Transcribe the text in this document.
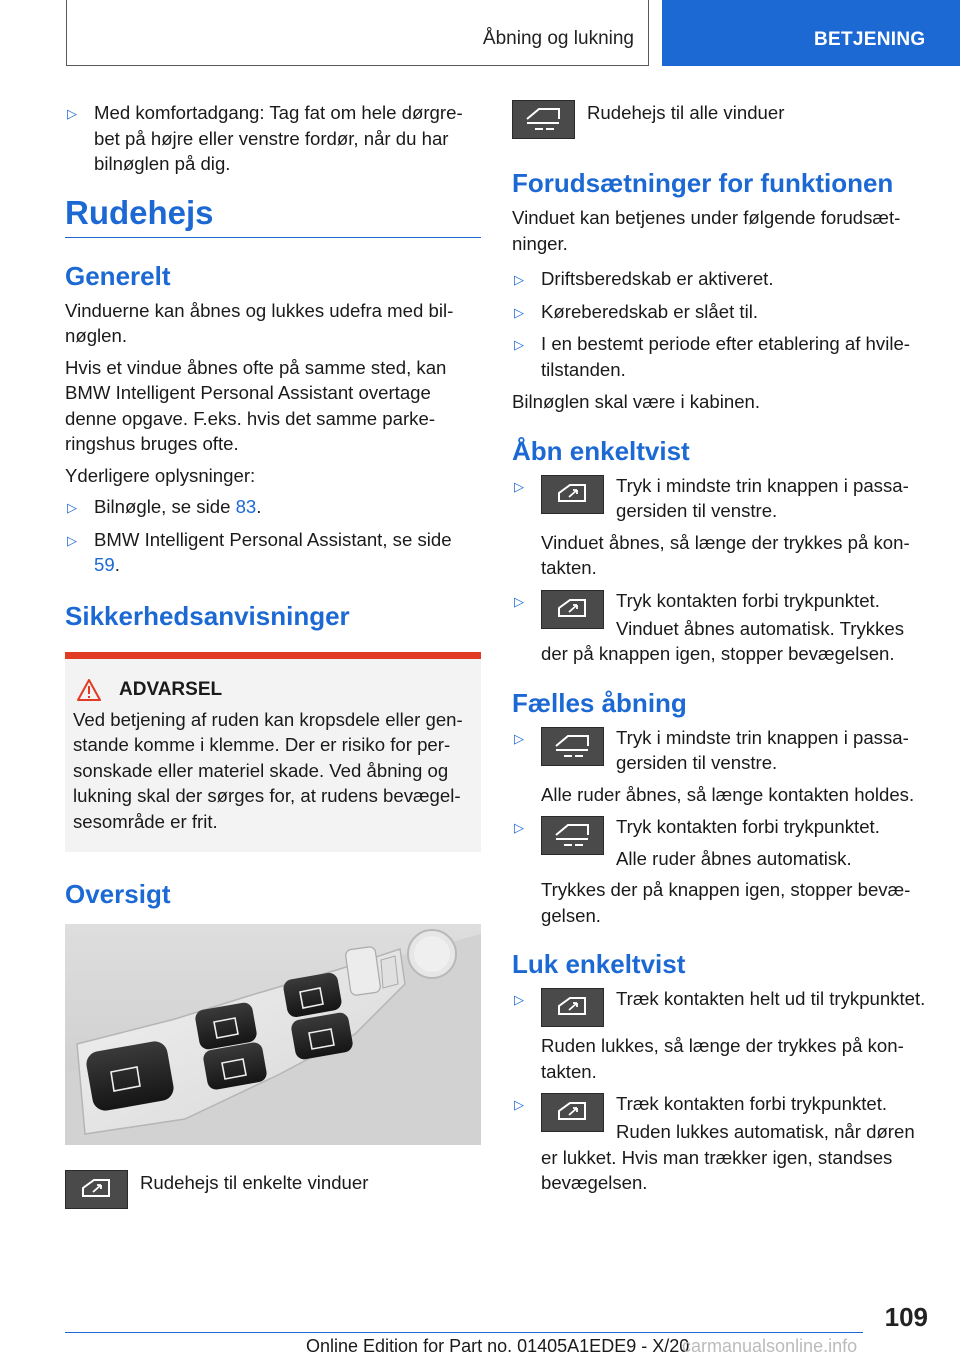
Åbning og lukning	BETJENING
▷ Med komfortadgang: Tag fat om hele dørgrebet på højre eller venstre fordør, når du har bilnøglen på dig.
Rudehejs
Generelt

Vinduerne kan åbnes og lukkes udefra med bilnøglen.

Hvis et vindue åbnes ofte på samme sted, kan BMW Intelligent Personal Assistant overtage denne opgave. F.eks. hvis det samme parkeringshus bruges ofte.

Yderligere oplysninger:

▷ Bilnøgle, se side 83.
▷ BMW Intelligent Personal Assistant, se side 59.
Sikkerhedsanvisninger
ADVARSEL
Ved betjening af ruden kan kropsdele eller genstande komme i klemme. Der er risiko for personskade eller materiel skade. Ved åbning og lukning skal der sørges for, at rudens bevægelsesområde er frit.
Oversigt
Rudehejs til enkelte vinduer
Rudehejs til alle vinduer
Forudsætninger for funktionen

Vinduet kan betjenes under følgende forudsætninger.

▷ Driftsberedskab er aktiveret.
▷ Køreberedskab er slået til.
▷ I en bestemt periode efter etablering af hviletilstanden.

Bilnøglen skal være i kabinen.

Åbn enkeltvist
▷	Tryk i mindste trin knappen i passagersiden til venstre.
Vinduet åbnes, så længe der trykkes på kontakten.
▷	Tryk kontakten forbi trykpunktet.
Vinduet åbnes automatisk. Trykkes der på knappen igen, stopper bevægelsen.
Fælles åbning
▷	Tryk i mindste trin knappen i passagersiden til venstre.
Alle ruder åbnes, så længe kontakten holdes.
▷	Tryk kontakten forbi trykpunktet.
Alle ruder åbnes automatisk.
Trykkes der på knappen igen, stopper bevægelsen.
Luk enkeltvist
▷	Træk kontakten helt ud til trykpunktet.
Ruden lukkes, så længe der trykkes på kontakten.
▷	Træk kontakten forbi trykpunktet.
Ruden lukkes automatisk, når døren er lukket. Hvis man trækker igen, standses bevægelsen.
109
Online Edition for Part no. 01405A1EDE9 - X/20
carmanualsonline.info
